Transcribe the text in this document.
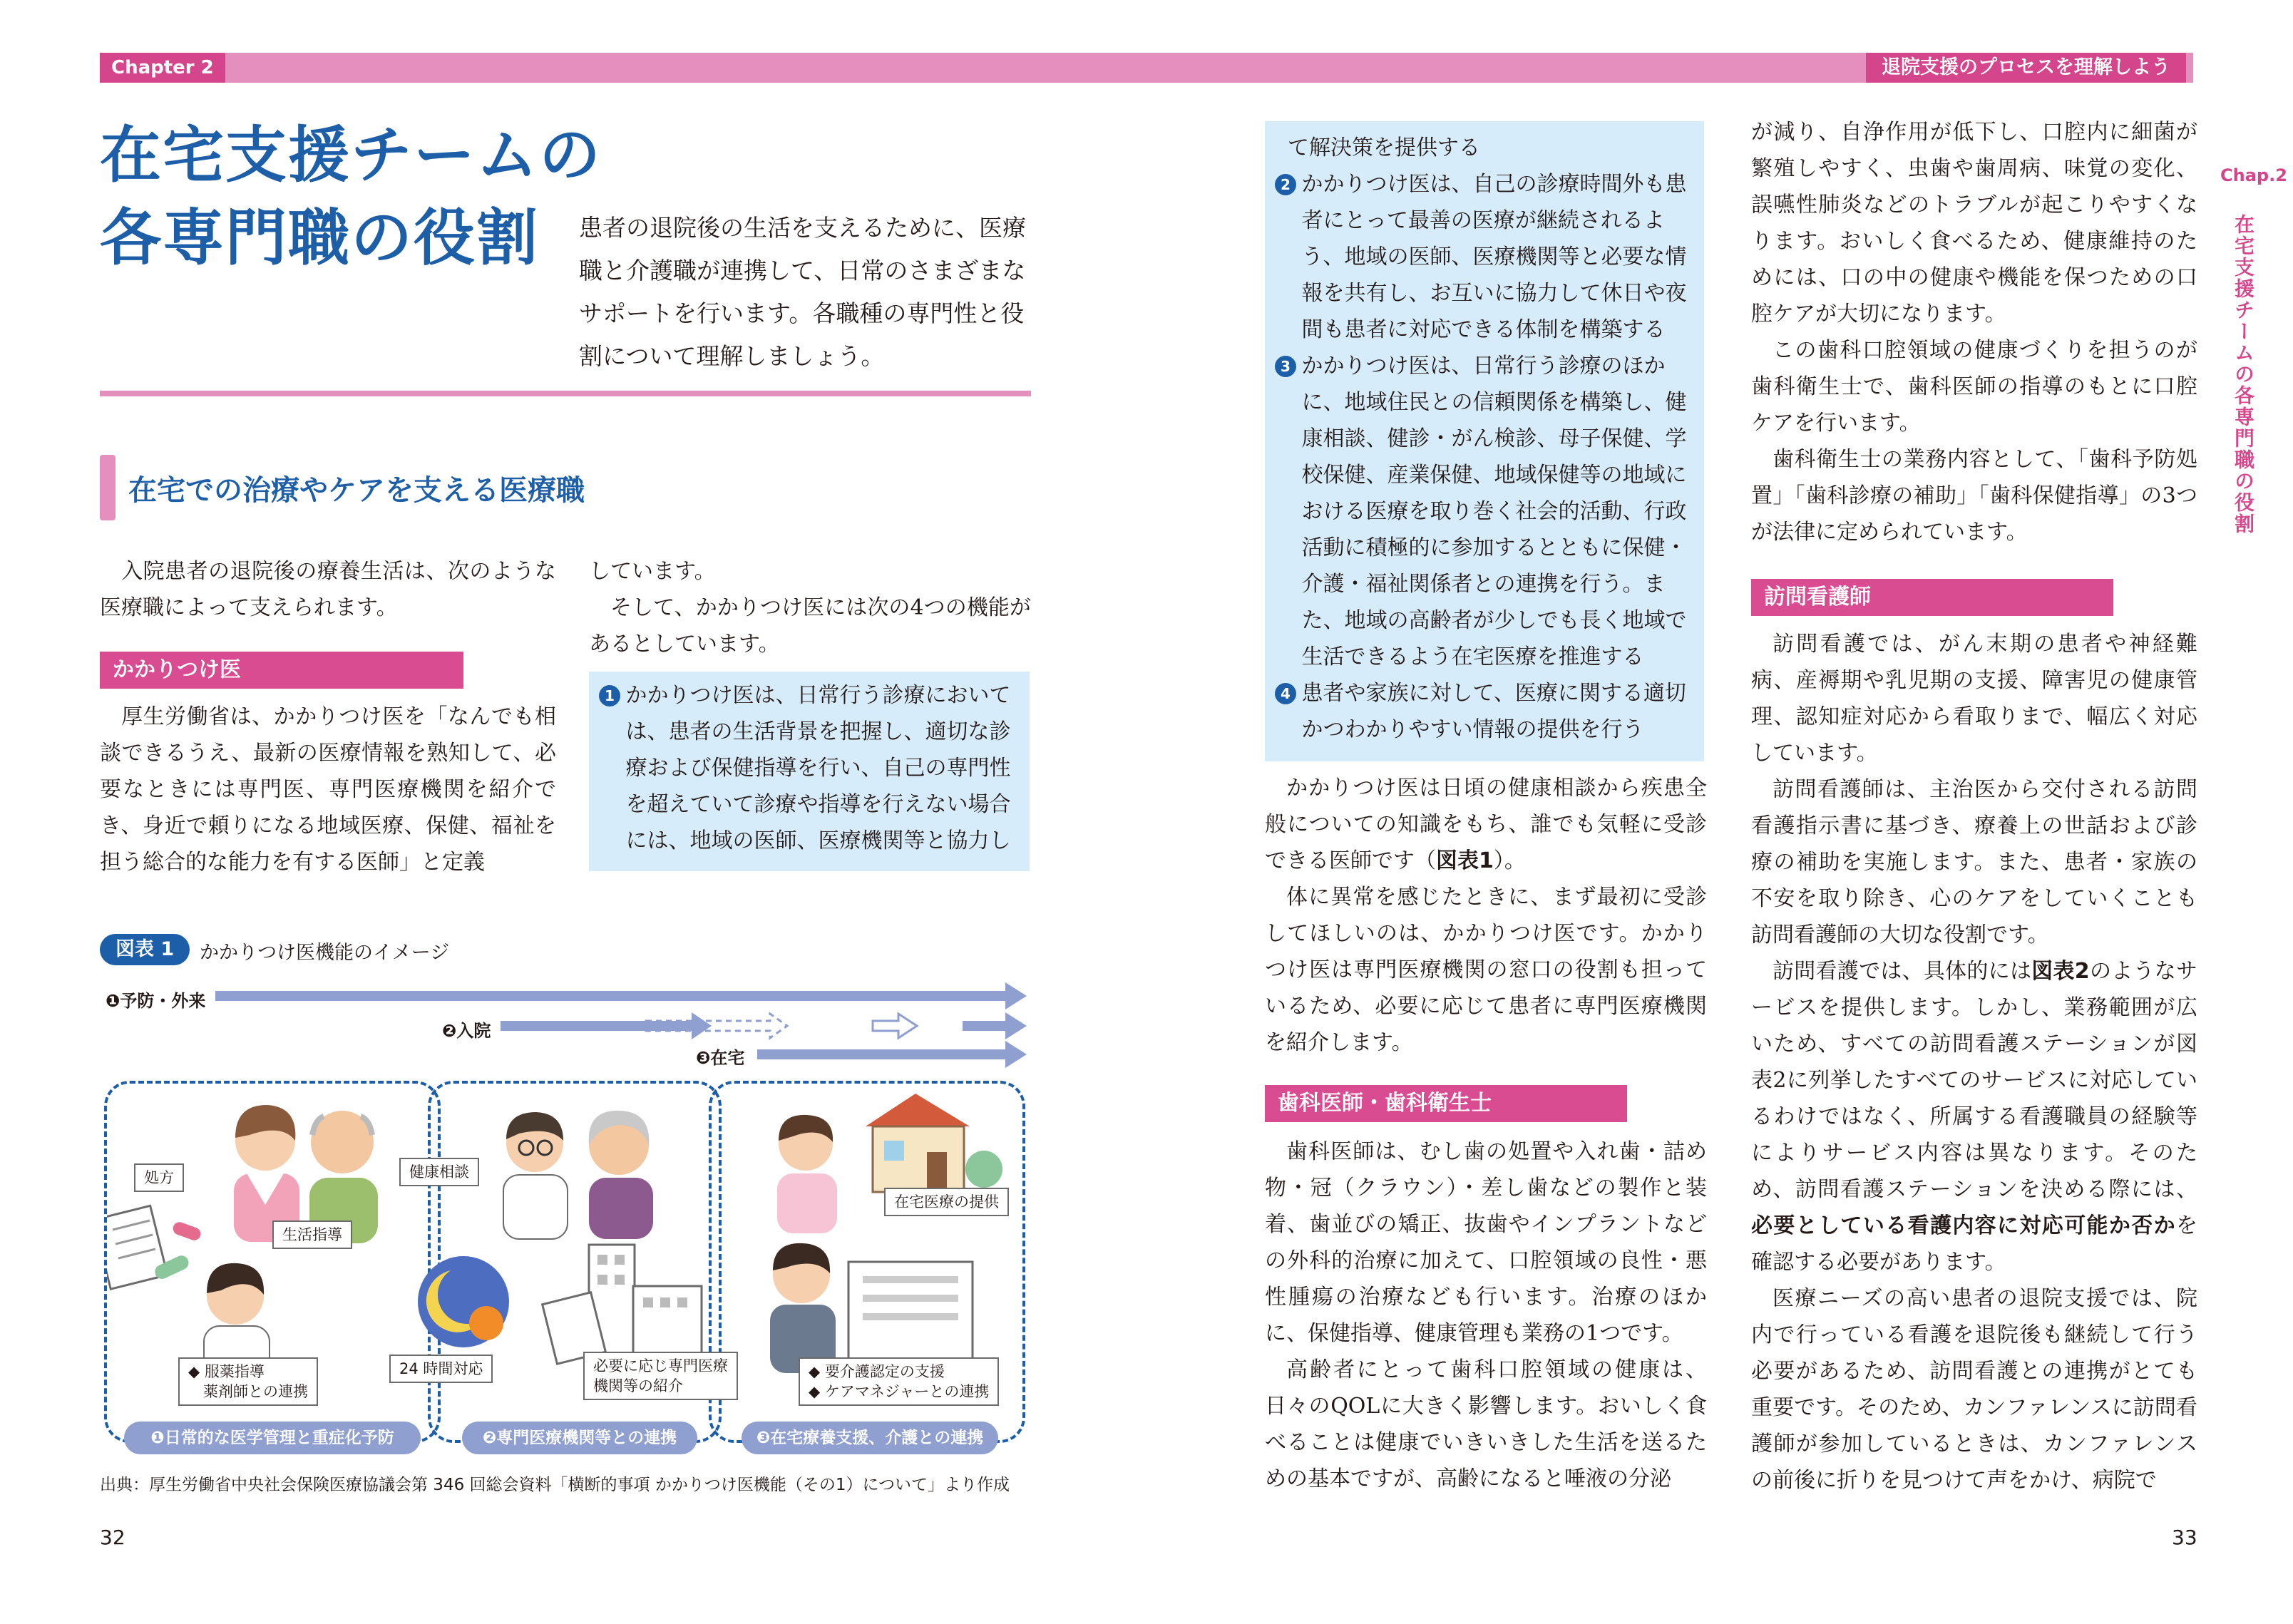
Chapter 2	退院支援のプロセスを理解しよう
Chap.2
在宅支援チームの各専門職の役割
在宅支援チームの
各専門職の役割	患者の退院後の生活を支えるために、医療職と介護職が連携して、日常のさまざまなサポートを行います。各職種の専門性と役割について理解しましょう。
在宅での治療やケアを支える医療職

入院患者の退院後の療養生活は、次のような医療職によって支えられます。

かかりつけ医

厚生労働省は、かかりつけ医を「なんでも相談できるうえ、最新の医療情報を熟知して、必要なときには専門医、専門医療機関を紹介でき、身近で頼りになる地域医療、保健、福祉を担う総合的な能力を有する医師」と定義

しています。

そして、かかりつけ医には次の4つの機能があるとしています。

1 かかりつけ医は、日常行う診療においては、患者の生活背景を把握し、適切な診療および保健指導を行い、自己の専門性を超えていて診療や指導を行えない場合には、地域の医師、医療機関等と協力し
て解決策を提供する
2 かかりつけ医は、自己の診療時間外も患者にとって最善の医療が継続されるよう、地域の医師、医療機関等と必要な情報を共有し、お互いに協力して休日や夜間も患者に対応できる体制を構築する
3 かかりつけ医は、日常行う診療のほかに、地域住民との信頼関係を構築し、健康相談、健診・がん検診、母子保健、学校保健、産業保健、地域保健等の地域における医療を取り巻く社会的活動、行政活動に積極的に参加するとともに保健・介護・福祉関係者との連携を行う。また、地域の高齢者が少しでも長く地域で生活できるよう在宅医療を推進する
4 患者や家族に対して、医療に関する適切かつわかりやすい情報の提供を行う

かかりつけ医は日頃の健康相談から疾患全般についての知識をもち、誰でも気軽に受診できる医師です（図表1）。

体に異常を感じたときに、まず最初に受診してほしいのは、かかりつけ医です。かかりつけ医は専門医療機関の窓口の役割も担っているため、必要に応じて患者に専門医療機関を紹介します。

歯科医師・歯科衛生士

歯科医師は、むし歯の処置や入れ歯・詰め物・冠（クラウン）・差し歯などの製作と装着、歯並びの矯正、抜歯やインプラントなどの外科的治療に加えて、口腔領域の良性・悪性腫瘍の治療なども行います。治療のほかに、保健指導、健康管理も業務の1つです。

高齢者にとって歯科口腔領域の健康は、日々のQOLに大きく影響します。おいしく食べることは健康でいきいきした生活を送るための基本ですが、高齢になると唾液の分泌

が減り、自浄作用が低下し、口腔内に細菌が繁殖しやすく、虫歯や歯周病、味覚の変化、誤嚥性肺炎などのトラブルが起こりやすくなります。おいしく食べるため、健康維持のためには、口の中の健康や機能を保つための口腔ケアが大切になります。

この歯科口腔領域の健康づくりを担うのが歯科衛生士で、歯科医師の指導のもとに口腔ケアを行います。

歯科衛生士の業務内容として、「歯科予防処置」「歯科診療の補助」「歯科保健指導」の3つが法律に定められています。

訪問看護師

訪問看護では、がん末期の患者や神経難病、産褥期や乳児期の支援、障害児の健康管理、認知症対応から看取りまで、幅広く対応しています。

訪問看護師は、主治医から交付される訪問看護指示書に基づき、療養上の世話および診療の補助を実施します。また、患者・家族の不安を取り除き、心のケアをしていくことも訪問看護師の大切な役割です。

訪問看護では、具体的には図表2のようなサービスを提供します。しかし、業務範囲が広いため、すべての訪問看護ステーションが図表2に列挙したすべてのサービスに対応しているわけではなく、所属する看護職員の経験等によりサービス内容は異なります。そのため、訪問看護ステーションを決める際には、必要としている看護内容に対応可能か否かを確認する必要があります。

医療ニーズの高い患者の退院支援では、院内で行っている看護を退院後も継続して行う必要があるため、訪問看護との連携がとても重要です。そのため、カンファレンスに訪問看護師が参加しているときは、カンファレンスの前後に折りを見つけて声をかけ、病院で

図表 1	かかりつけ医機能のイメージ
❶予防・外来
❷入院
❸在宅
処方
生活指導
◆ 服薬指導
　薬剤師との連携
健康相談
24 時間対応	必要に応じ専門医療
機関等の紹介
在宅医療の提供
◆ 要介護認定の支援
◆ ケアマネジャーとの連携
❶日常的な医学管理と重症化予防	❷専門医療機関等との連携	❸在宅療養支援、介護との連携
出典：厚生労働省中央社会保険医療協議会第 346 回総会資料「横断的事項 かかりつけ医機能（その1）について」より作成
32	33
